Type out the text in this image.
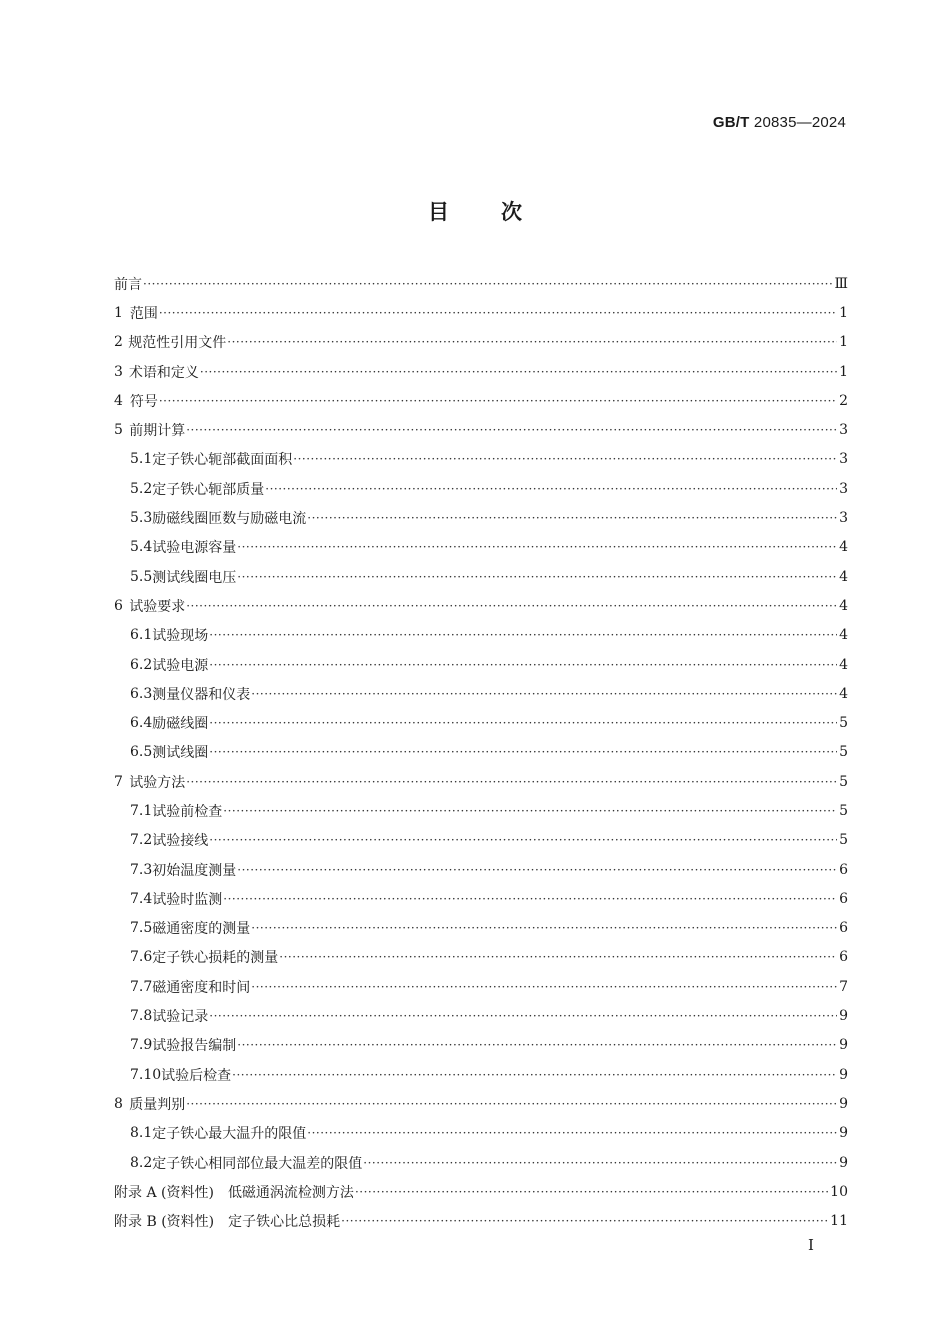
GB/T 20835—2024
目次
前言 ·····	Ⅲ
1 范围 ·····	1
2 规范性引用文件 ·····	1
3 术语和定义 ·····	1
4 符号 ·····	2
5 前期计算 ·····	3
5.1 定子铁心轭部截面面积 ·····	3
5.2 定子铁心轭部质量 ·····	3
5.3 励磁线圈匝数与励磁电流 ·····	3
5.4 试验电源容量 ·····	4
5.5 测试线圈电压 ·····	4
6 试验要求 ·····	4
6.1 试验现场 ·····	4
6.2 试验电源 ·····	4
6.3 测量仪器和仪表 ·····	4
6.4 励磁线圈 ·····	5
6.5 测试线圈 ·····	5
7 试验方法 ·····	5
7.1 试验前检查 ·····	5
7.2 试验接线 ·····	5
7.3 初始温度测量 ·····	6
7.4 试验时监测 ·····	6
7.5 磁通密度的测量 ·····	6
7.6 定子铁心损耗的测量 ·····	6
7.7 磁通密度和时间 ·····	7
7.8 试验记录 ·····	9
7.9 试验报告编制 ·····	9
7.10 试验后检查 ·····	9
8 质量判别 ·····	9
8.1 定子铁心最大温升的限值 ·····	9
8.2 定子铁心相同部位最大温差的限值 ·····	9
附录 A (资料性)	低磁通涡流检测方法 ·····	10
附录 B (资料性)	定子铁心比总损耗 ·····	11
I
